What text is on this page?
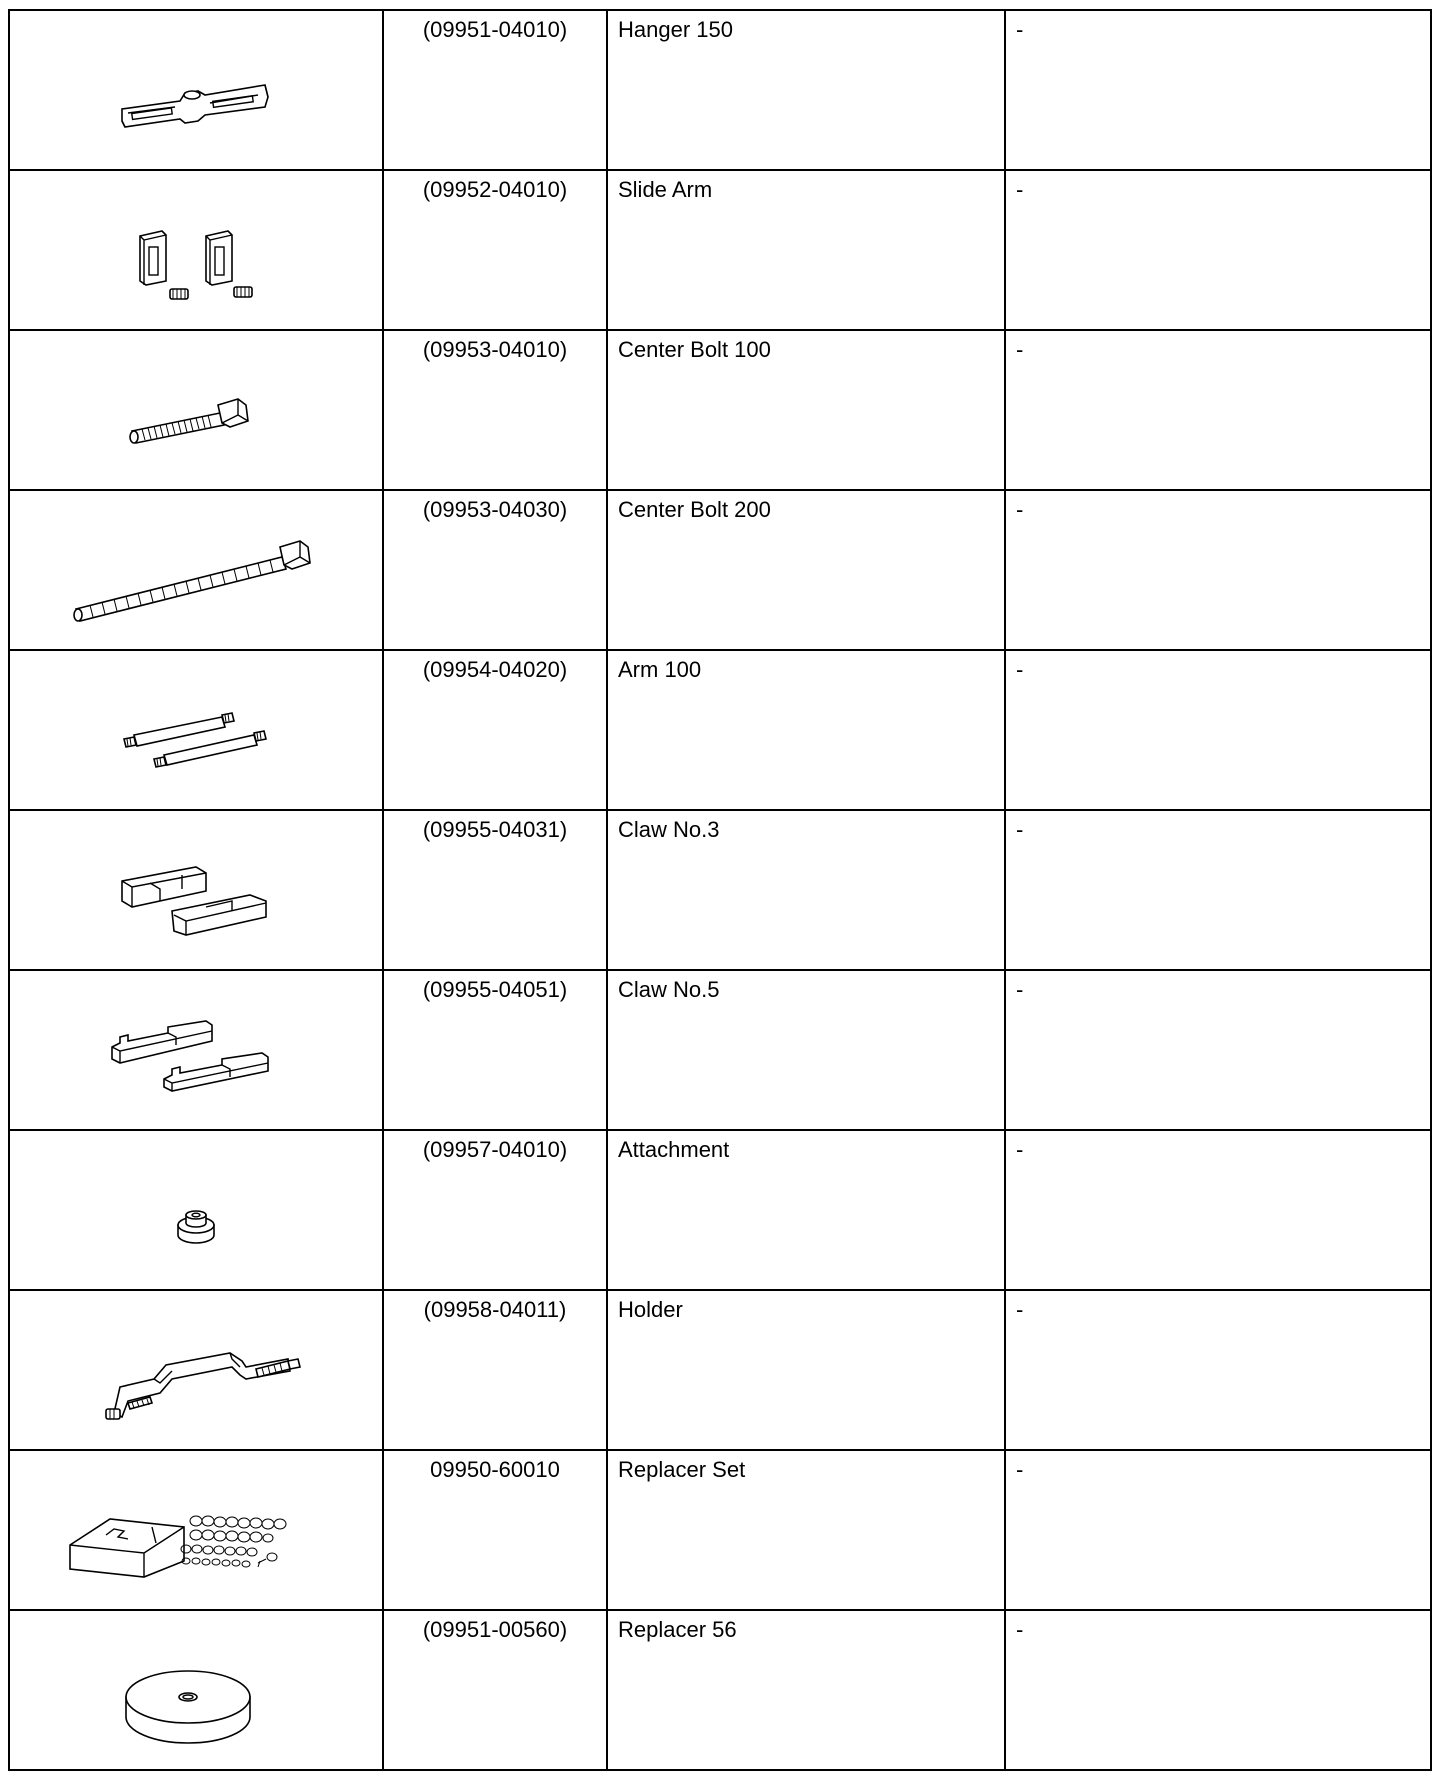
	(09951-04010)	Hanger 150	-

	(09952-04010)	Slide Arm	-

	(09953-04010)	Center Bolt 100	-

	(09953-04030)	Center Bolt 200	-

	(09954-04020)	Arm 100	-

	(09955-04031)	Claw No.3	-

	(09955-04051)	Claw No.5	-

	(09957-04010)	Attachment	-

	(09958-04011)	Holder	-

	09950-60010	Replacer Set	-

	(09951-00560)	Replacer 56	-
